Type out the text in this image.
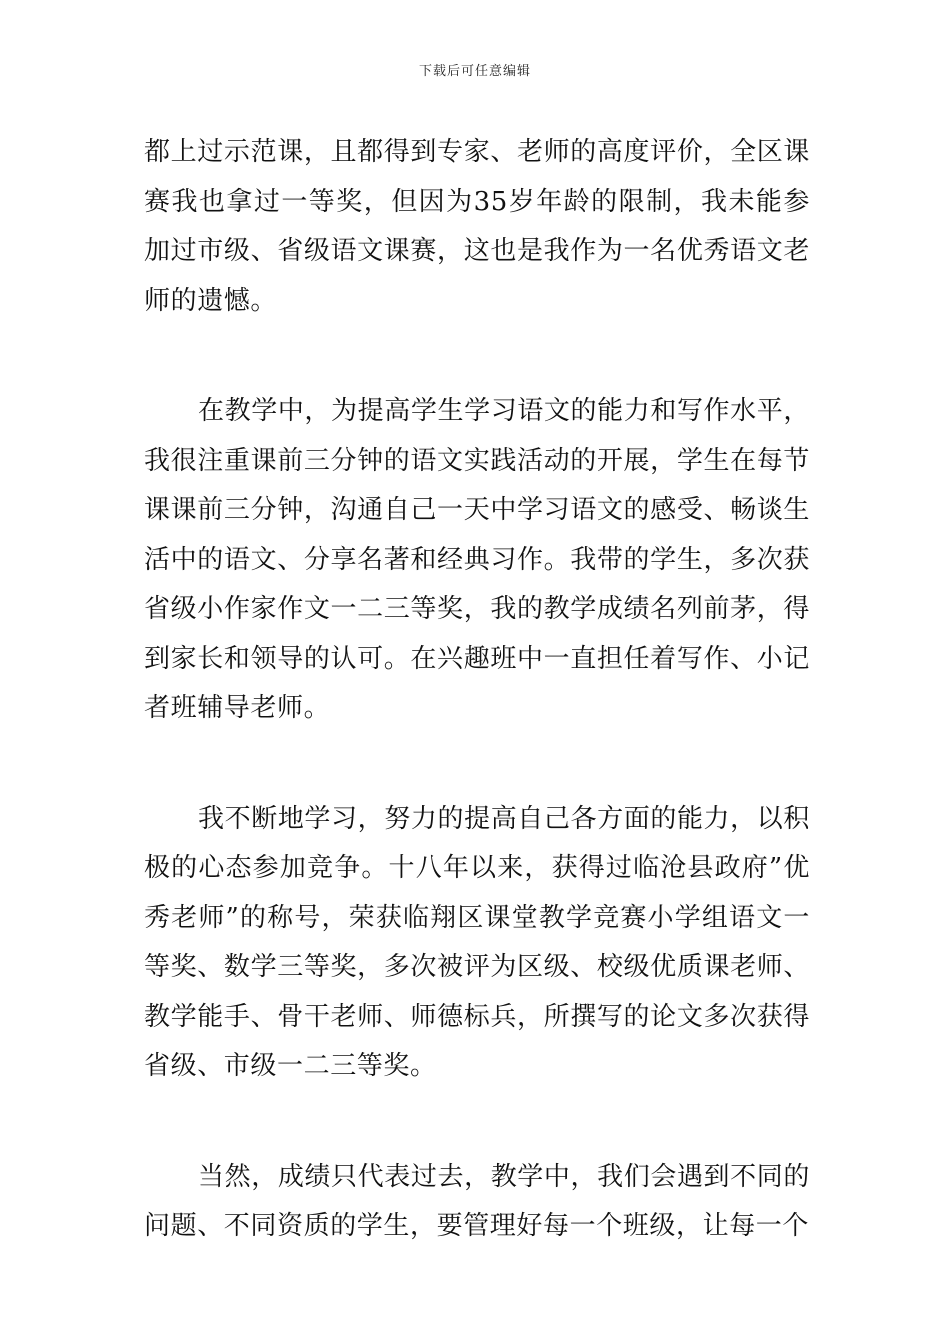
下载后可任意编辑

都上过示范课，且都得到专家、老师的高度评价，全区课赛我也拿过一等奖，但因为35岁年龄的限制，我未能参加过市级、省级语文课赛，这也是我作为一名优秀语文老师的遗憾。

在教学中，为提高学生学习语文的能力和写作水平，我很注重课前三分钟的语文实践活动的开展，学生在每节课课前三分钟，沟通自己一天中学习语文的感受、畅谈生活中的语文、分享名著和经典习作。我带的学生，多次获省级小作家作文一二三等奖，我的教学成绩名列前茅，得到家长和领导的认可。在兴趣班中一直担任着写作、小记者班辅导老师。

我不断地学习，努力的提高自己各方面的能力，以积极的心态参加竞争。十八年以来，获得过临沧县政府”优秀老师”的称号，荣获临翔区课堂教学竞赛小学组语文一等奖、数学三等奖，多次被评为区级、校级优质课老师、教学能手、骨干老师、师德标兵，所撰写的论文多次获得省级、市级一二三等奖。

当然，成绩只代表过去，教学中，我们会遇到不同的问题、不同资质的学生，要管理好每一个班级，让每一个
